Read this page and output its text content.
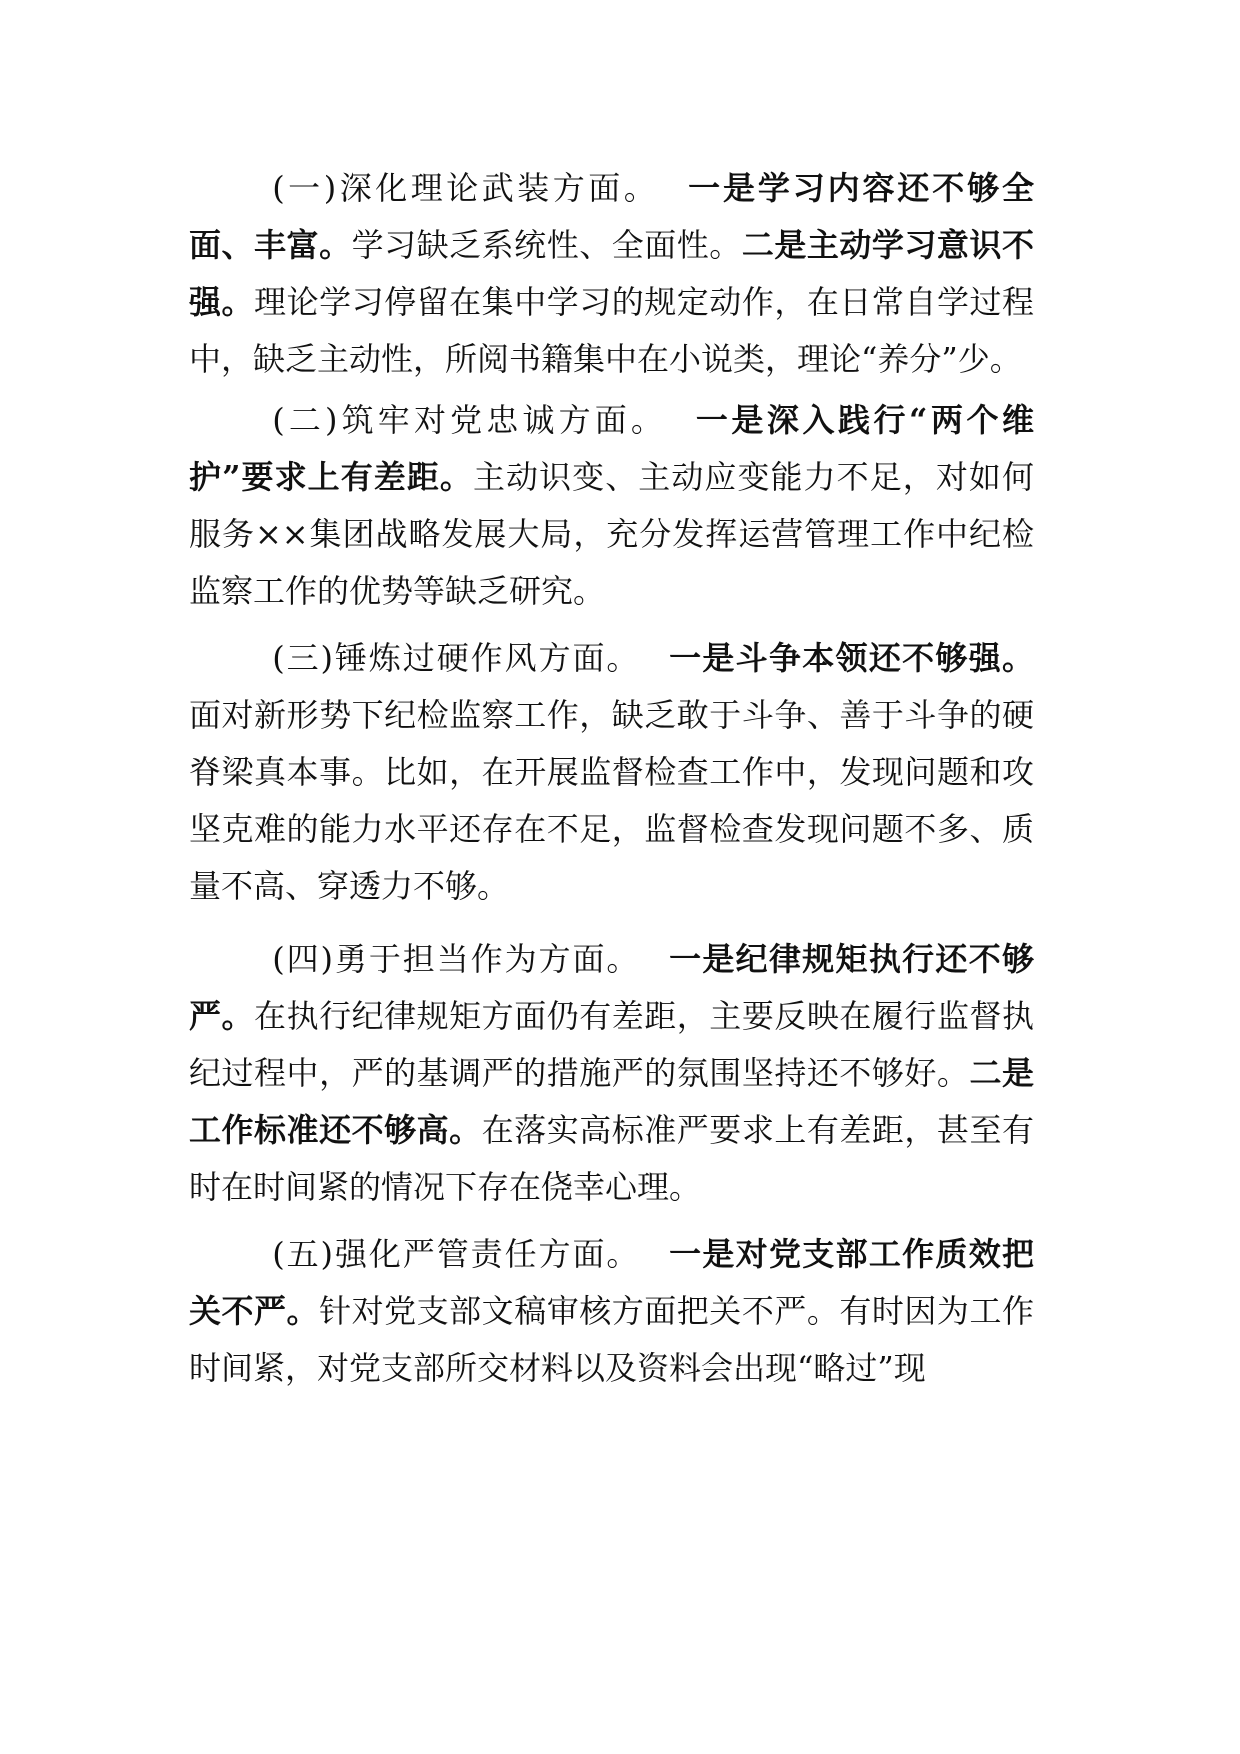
(一)深化理论武装方面。 一是学习内容还不够全面、丰富。学习缺乏系统性、全面性。二是主动学习意识不强。理论学习停留在集中学习的规定动作，在日常自学过程中，缺乏主动性，所阅书籍集中在小说类，理论“养分”少。

(二)筑牢对党忠诚方面。 一是深入践行“两个维护”要求上有差距。主动识变、主动应变能力不足，对如何服务××集团战略发展大局，充分发挥运营管理工作中纪检监察工作的优势等缺乏研究。

(三)锤炼过硬作风方面。 一是斗争本领还不够强。面对新形势下纪检监察工作，缺乏敢于斗争、善于斗争的硬脊梁真本事。比如，在开展监督检查工作中，发现问题和攻坚克难的能力水平还存在不足，监督检查发现问题不多、质量不高、穿透力不够。

(四)勇于担当作为方面。 一是纪律规矩执行还不够严。在执行纪律规矩方面仍有差距，主要反映在履行监督执纪过程中，严的基调严的措施严的氛围坚持还不够好。二是工作标准还不够高。在落实高标准严要求上有差距，甚至有时在时间紧的情况下存在侥幸心理。

(五)强化严管责任方面。 一是对党支部工作质效把关不严。针对党支部文稿审核方面把关不严。有时因为工作时间紧，对党支部所交材料以及资料会出现“略过”现
